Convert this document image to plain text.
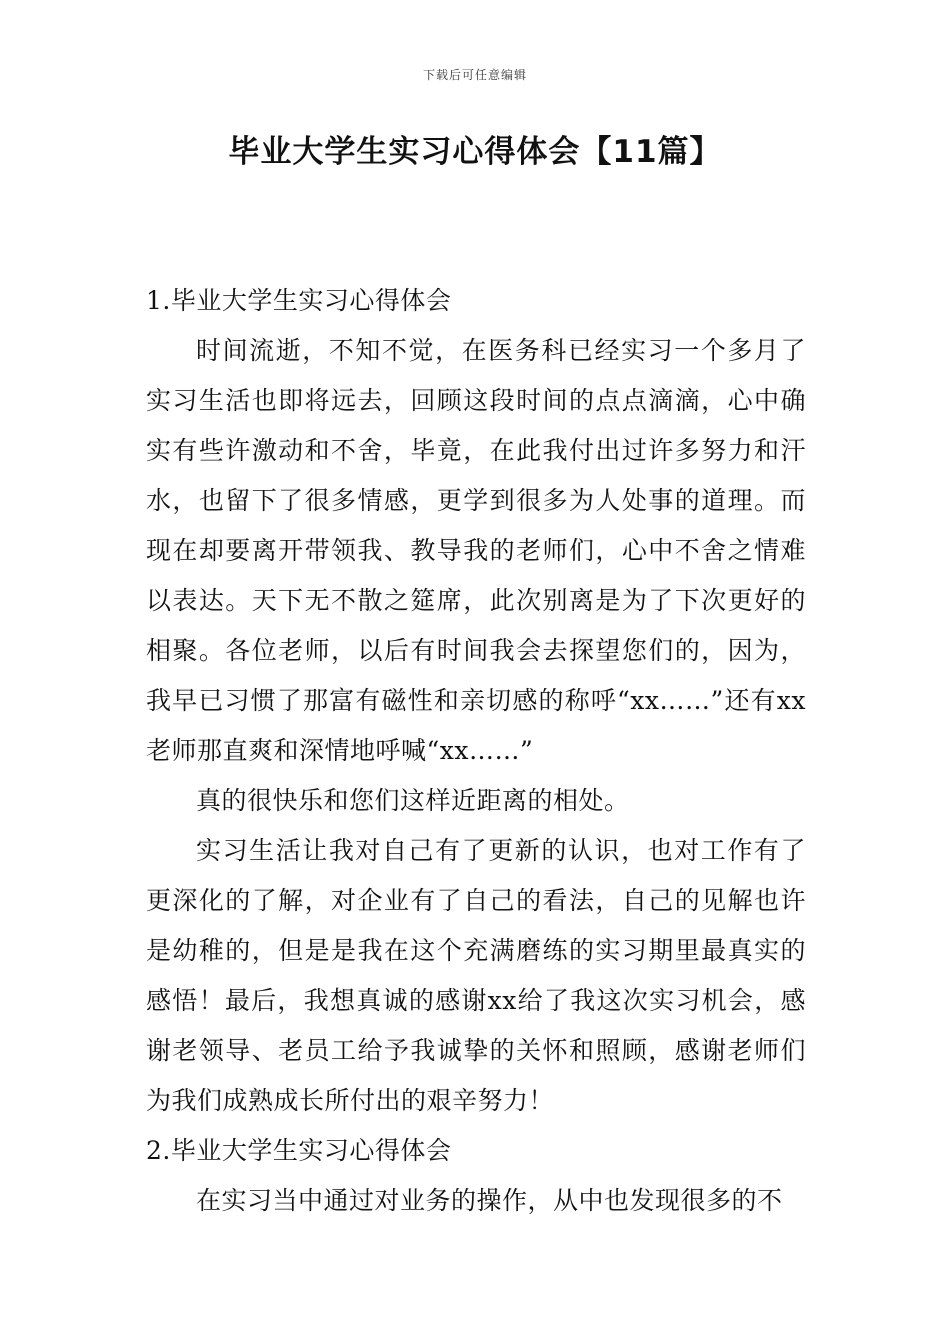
下载后可任意编辑
毕业大学生实习心得体会【11篇】

1.毕业大学生实习心得体会

时间流逝，不知不觉，在医务科已经实习一个多月了实习生活也即将远去，回顾这段时间的点点滴滴，心中确实有些许激动和不舍，毕竟，在此我付出过许多努力和汗水，也留下了很多情感，更学到很多为人处事的道理。而现在却要离开带领我、教导我的老师们，心中不舍之情难以表达。天下无不散之筵席，此次别离是为了下次更好的相聚。各位老师，以后有时间我会去探望您们的，因为，我早已习惯了那富有磁性和亲切感的称呼“xx……”还有xx老师那直爽和深情地呼喊“xx……”

真的很快乐和您们这样近距离的相处。

实习生活让我对自己有了更新的认识，也对工作有了更深化的了解，对企业有了自己的看法，自己的见解也许是幼稚的，但是是我在这个充满磨练的实习期里最真实的感悟！最后，我想真诚的感谢xx给了我这次实习机会，感谢老领导、老员工给予我诚挚的关怀和照顾，感谢老师们为我们成熟成长所付出的艰辛努力！

2.毕业大学生实习心得体会

在实习当中通过对业务的操作，从中也发现很多的不
